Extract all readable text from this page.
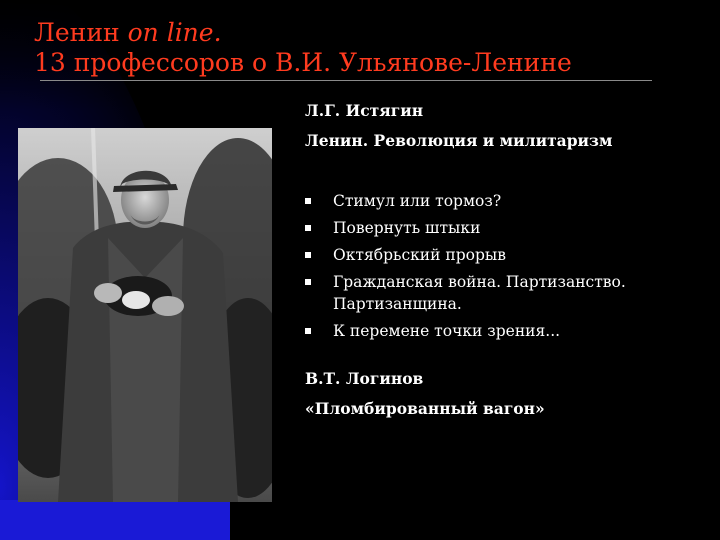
Ленин on line.
13 профессоров о В.И. Ульянове-Ленине
Л.Г. Истягин
Ленин. Революция и милитаризм
Стимул или тормоз?
Повернуть штыки
Октябрьский прорыв
Гражданская война. Партизанство. Партизанщина.
К перемене точки зрения...
В.Т. Логинов
«Пломбированный вагон»
